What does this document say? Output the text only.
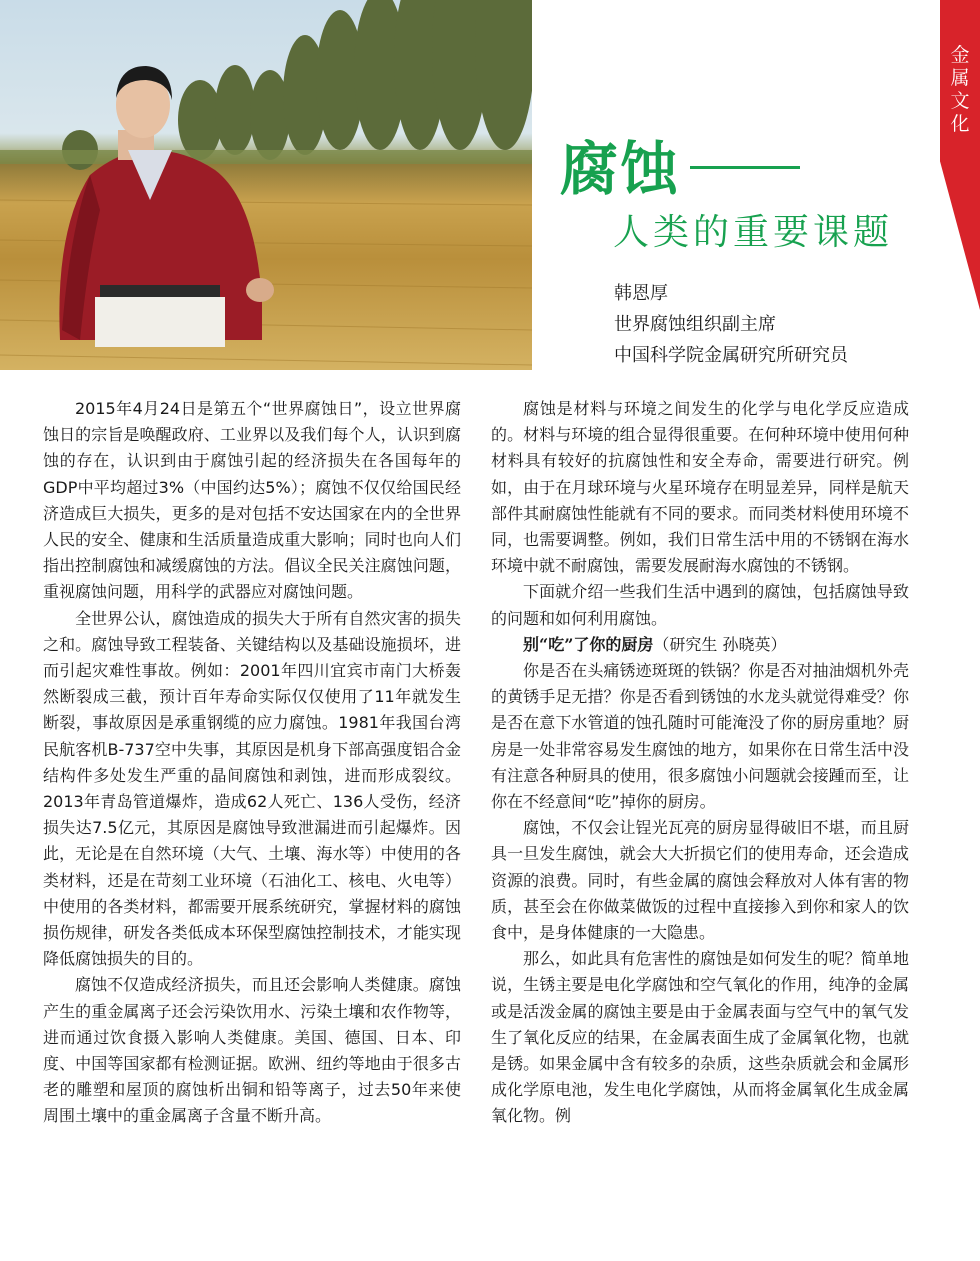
金属文化
腐蚀
人类的重要课题
韩恩厚
世界腐蚀组织副主席
中国科学院金属研究所研究员

2015年4月24日是第五个“世界腐蚀日”，设立世界腐蚀日的宗旨是唤醒政府、工业界以及我们每个人，认识到腐蚀的存在，认识到由于腐蚀引起的经济损失在各国每年的GDP中平均超过3%（中国约达5%）；腐蚀不仅仅给国民经济造成巨大损失，更多的是对包括不安达国家在内的全世界人民的安全、健康和生活质量造成重大影响；同时也向人们指出控制腐蚀和减缓腐蚀的方法。倡议全民关注腐蚀问题，重视腐蚀问题，用科学的武器应对腐蚀问题。

全世界公认，腐蚀造成的损失大于所有自然灾害的损失之和。腐蚀导致工程装备、关键结构以及基础设施损坏，进而引起灾难性事故。例如：2001年四川宜宾市南门大桥轰然断裂成三截，预计百年寿命实际仅仅使用了11年就发生断裂，事故原因是承重钢缆的应力腐蚀。1981年我国台湾民航客机B-737空中失事，其原因是机身下部高强度铝合金结构件多处发生严重的晶间腐蚀和剥蚀，进而形成裂纹。2013年青岛管道爆炸，造成62人死亡、136人受伤，经济损失达7.5亿元，其原因是腐蚀导致泄漏进而引起爆炸。因此，无论是在自然环境（大气、土壤、海水等）中使用的各类材料，还是在苛刻工业环境（石油化工、核电、火电等）中使用的各类材料，都需要开展系统研究，掌握材料的腐蚀损伤规律，研发各类低成本环保型腐蚀控制技术，才能实现降低腐蚀损失的目的。

腐蚀不仅造成经济损失，而且还会影响人类健康。腐蚀产生的重金属离子还会污染饮用水、污染土壤和农作物等，进而通过饮食摄入影响人类健康。美国、德国、日本、印度、中国等国家都有检测证据。欧洲、纽约等地由于很多古老的雕塑和屋顶的腐蚀析出铜和铅等离子，过去50年来使周围土壤中的重金属离子含量不断升高。

腐蚀是材料与环境之间发生的化学与电化学反应造成的。材料与环境的组合显得很重要。在何种环境中使用何种材料具有较好的抗腐蚀性和安全寿命，需要进行研究。例如，由于在月球环境与火星环境存在明显差异，同样是航天部件其耐腐蚀性能就有不同的要求。而同类材料使用环境不同，也需要调整。例如，我们日常生活中用的不锈钢在海水环境中就不耐腐蚀，需要发展耐海水腐蚀的不锈钢。

下面就介绍一些我们生活中遇到的腐蚀，包括腐蚀导致的问题和如何利用腐蚀。

别“吃”了你的厨房（研究生 孙晓英）

你是否在头痛锈迹斑斑的铁锅？你是否对抽油烟机外壳的黄锈手足无措？你是否看到锈蚀的水龙头就觉得难受？你是否在意下水管道的蚀孔随时可能淹没了你的厨房重地？厨房是一处非常容易发生腐蚀的地方，如果你在日常生活中没有注意各种厨具的使用，很多腐蚀小问题就会接踵而至，让你在不经意间“吃”掉你的厨房。

腐蚀，不仅会让锃光瓦亮的厨房显得破旧不堪，而且厨具一旦发生腐蚀，就会大大折损它们的使用寿命，还会造成资源的浪费。同时，有些金属的腐蚀会释放对人体有害的物质，甚至会在你做菜做饭的过程中直接掺入到你和家人的饮食中，是身体健康的一大隐患。

那么，如此具有危害性的腐蚀是如何发生的呢？简单地说，生锈主要是电化学腐蚀和空气氧化的作用，纯净的金属或是活泼金属的腐蚀主要是由于金属表面与空气中的氧气发生了氧化反应的结果，在金属表面生成了金属氧化物，也就是锈。如果金属中含有较多的杂质，这些杂质就会和金属形成化学原电池，发生电化学腐蚀，从而将金属氧化生成金属氧化物。例
